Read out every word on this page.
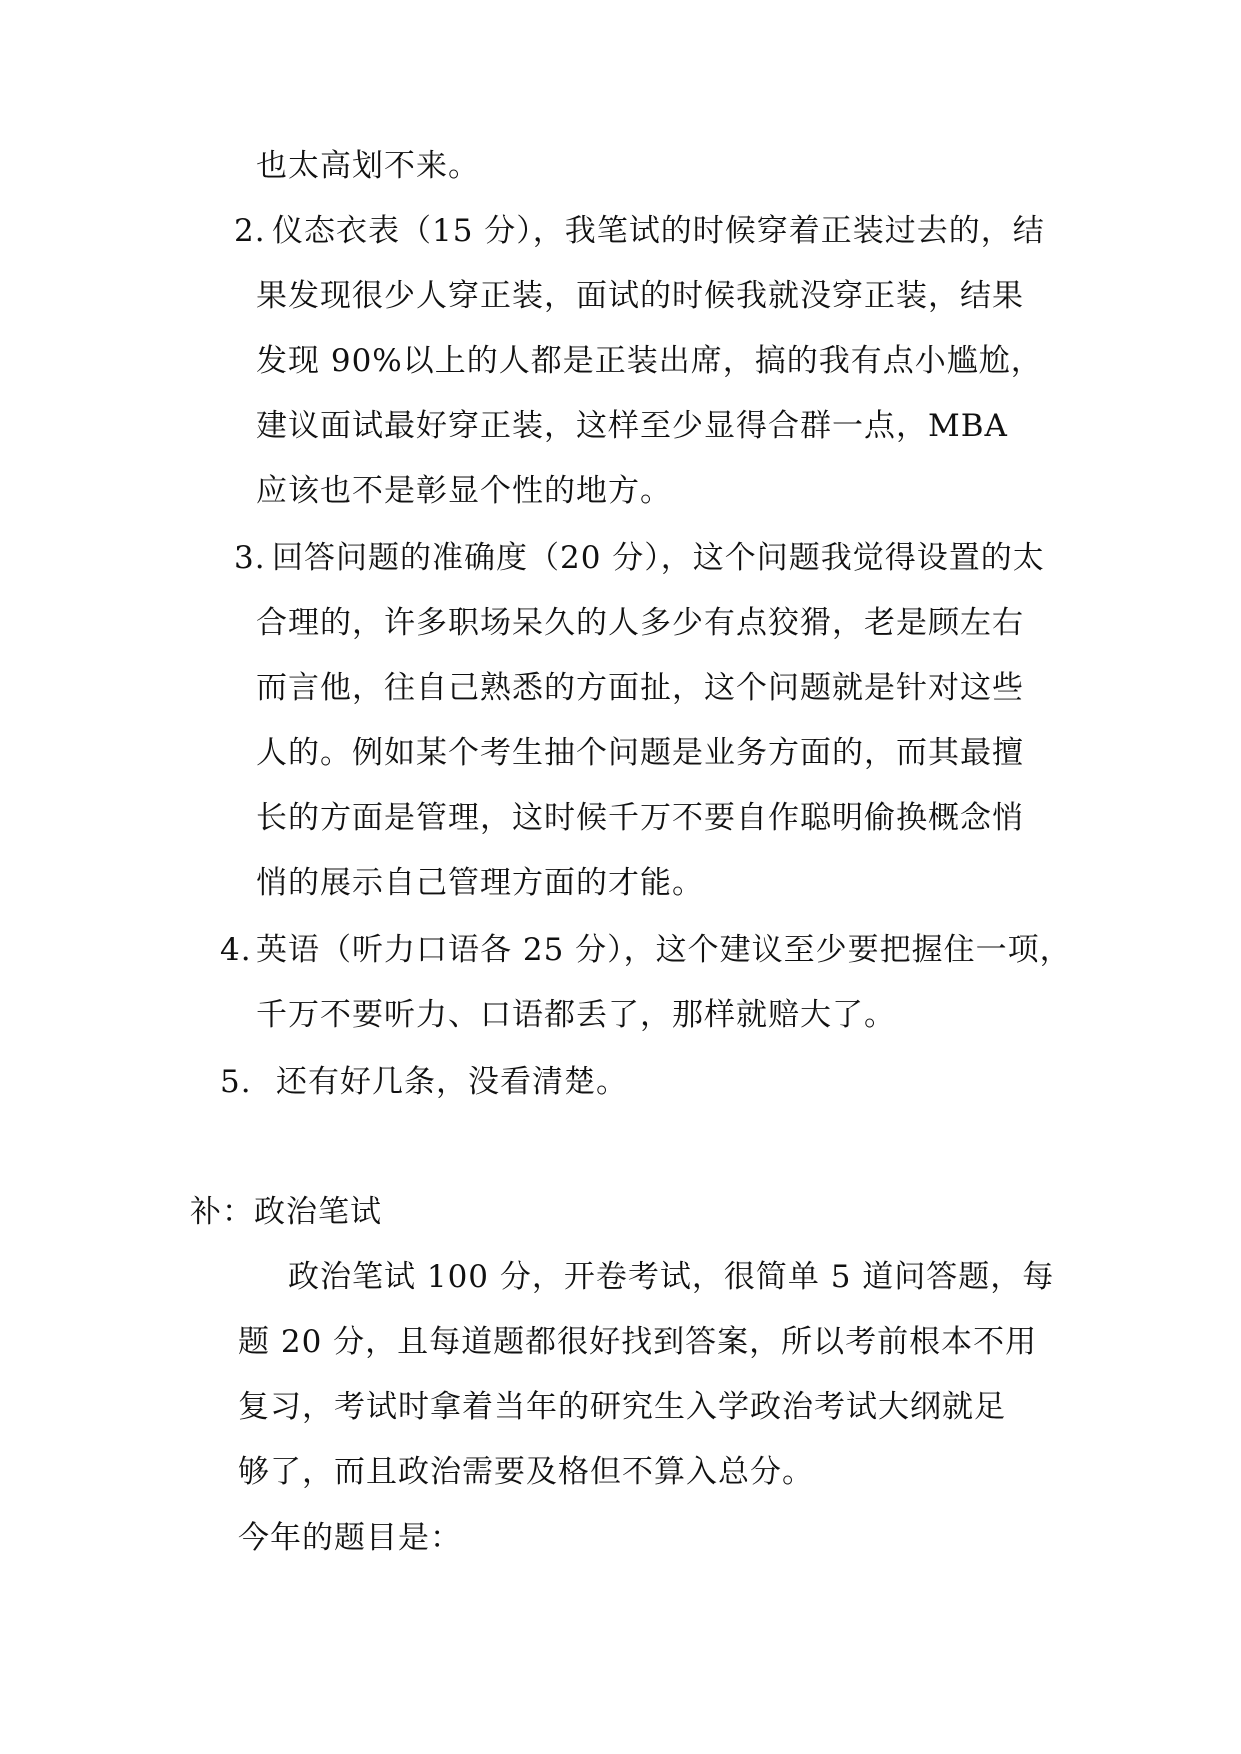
也太高划不来。
2. 仪态衣表（15 分），我笔试的时候穿着正装过去的，结
果发现很少人穿正装，面试的时候我就没穿正装，结果
发现 90%以上的人都是正装出席，搞的我有点小尴尬，
建议面试最好穿正装，这样至少显得合群一点，MBA
应该也不是彰显个性的地方。
3. 回答问题的准确度（20 分），这个问题我觉得设置的太
合理的，许多职场呆久的人多少有点狡猾，老是顾左右
而言他，往自己熟悉的方面扯，这个问题就是针对这些
人的。例如某个考生抽个问题是业务方面的，而其最擅
长的方面是管理，这时候千万不要自作聪明偷换概念悄
悄的展示自己管理方面的才能。
4. 英语（听力口语各 25 分），这个建议至少要把握住一项，
千万不要听力、口语都丢了，那样就赔大了。
5. 还有好几条，没看清楚。
补：政治笔试
政治笔试 100 分，开卷考试，很简单 5 道问答题，每
题 20 分，且每道题都很好找到答案，所以考前根本不用
复习，考试时拿着当年的研究生入学政治考试大纲就足
够了，而且政治需要及格但不算入总分。
今年的题目是：
